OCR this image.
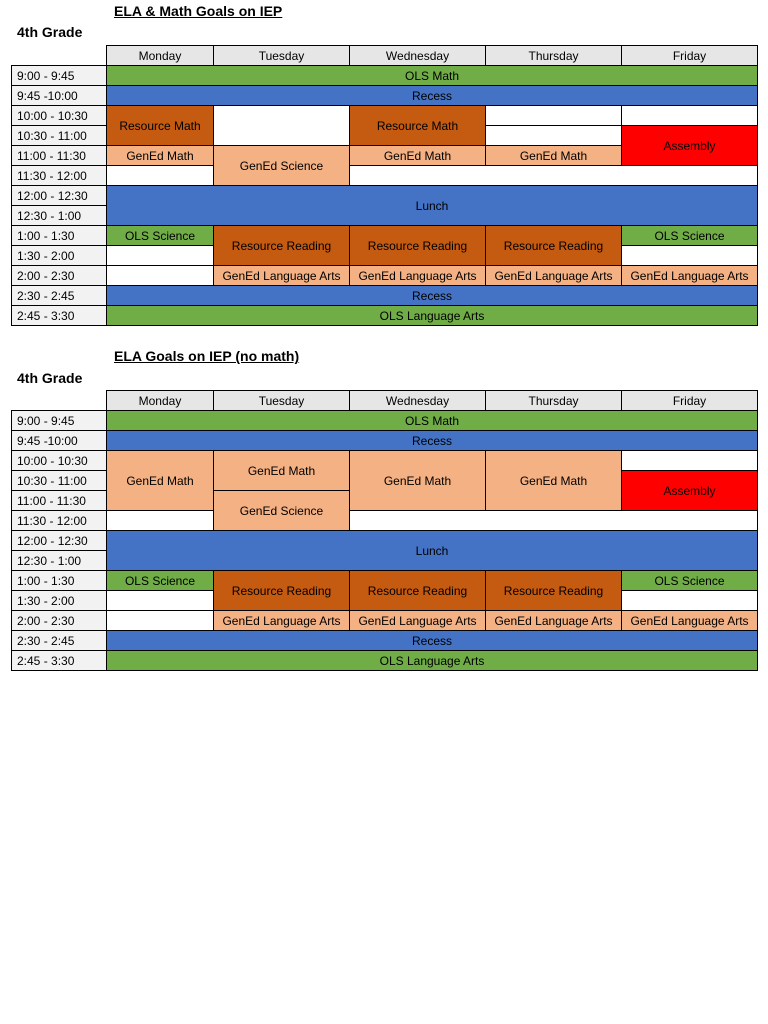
ELA & Math Goals on IEP
4th Grade
	Monday	Tuesday	Wednesday	Thursday	Friday
9:00 - 9:45	OLS Math				
9:45 -10:00	Recess				
10:00 - 10:30	Resource Math		Resource Math		
10:30 - 11:00					Assembly
11:00 - 11:30	GenEd Math	GenEd Science	GenEd Math	GenEd Math	
11:30 - 12:00					
12:00 - 12:30	Lunch				
12:30 - 1:00					
1:00 - 1:30	OLS Science	Resource Reading	Resource Reading	Resource Reading	OLS Science
1:30 - 2:00					
2:00 - 2:30		GenEd Language Arts	GenEd Language Arts	GenEd Language Arts	GenEd Language Arts
2:30 - 2:45	Recess				
2:45 - 3:30	OLS Language Arts				
ELA Goals on IEP (no math)
4th Grade
	Monday	Tuesday	Wednesday	Thursday	Friday
9:00 - 9:45	OLS Math				
9:45 -10:00	Recess				
10:00 - 10:30	GenEd Math	GenEd Math	GenEd Math	GenEd Math	
10:30 - 11:00					Assembly
11:00 - 11:30		GenEd Science			
11:30 - 12:00					
12:00 - 12:30	Lunch				
12:30 - 1:00					
1:00 - 1:30	OLS Science	Resource Reading	Resource Reading	Resource Reading	OLS Science
1:30 - 2:00					
2:00 - 2:30		GenEd Language Arts	GenEd Language Arts	GenEd Language Arts	GenEd Language Arts
2:30 - 2:45	Recess				
2:45 - 3:30	OLS Language Arts				
